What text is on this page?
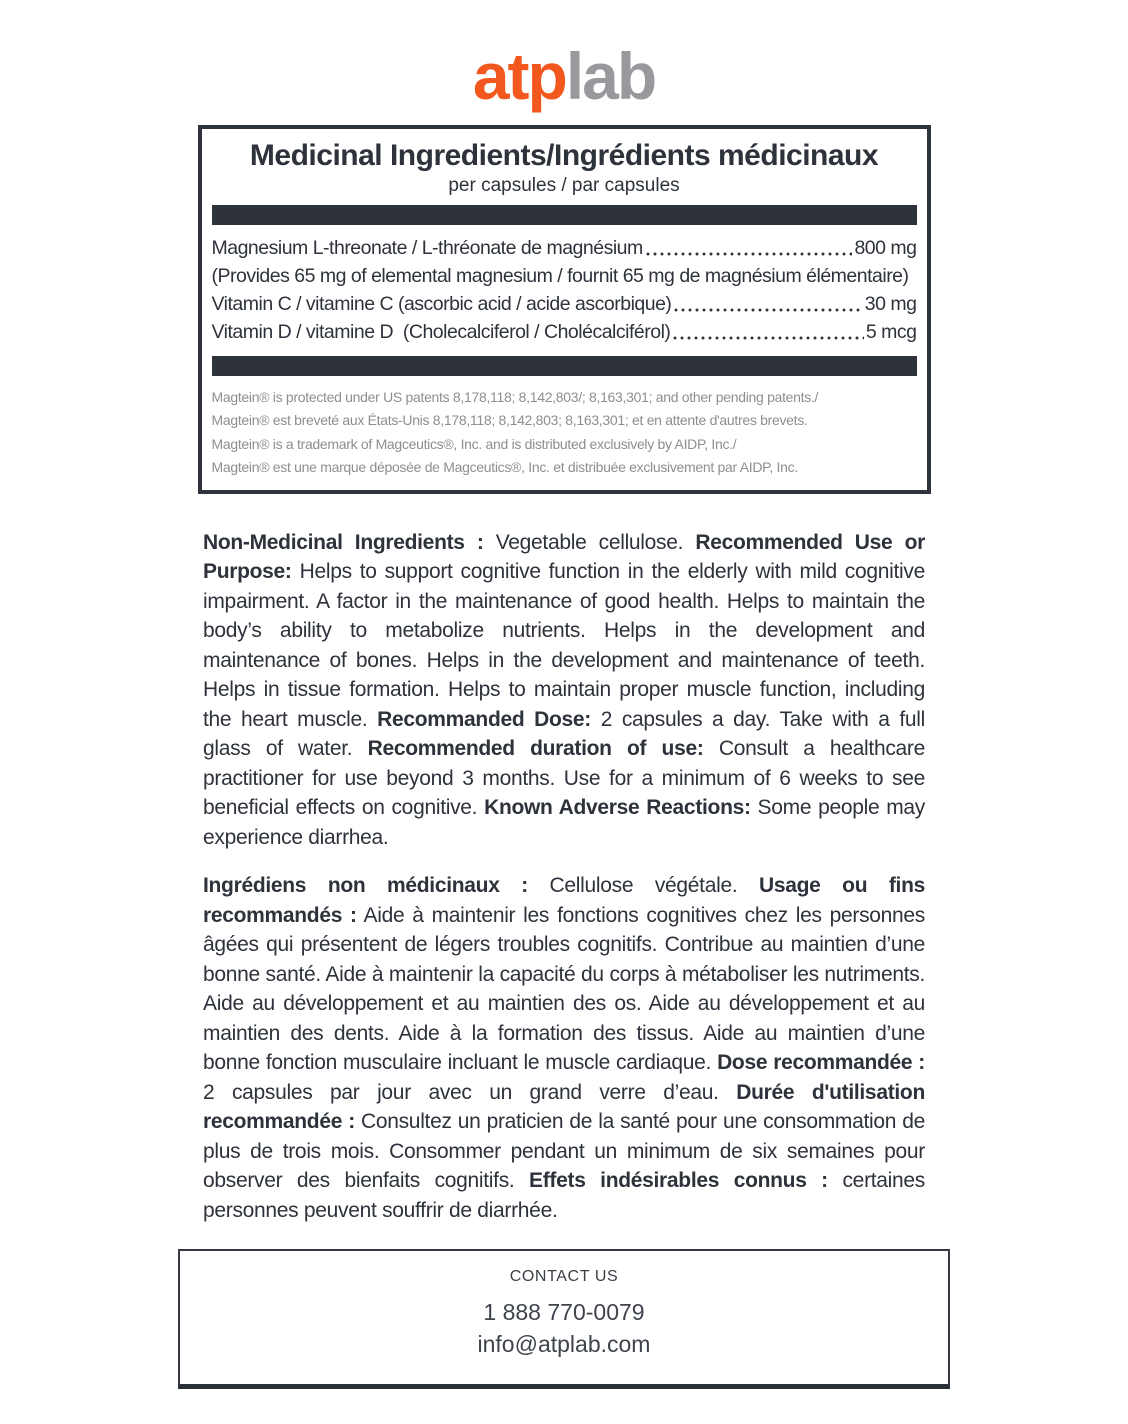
atplab
Medicinal Ingredients/Ingrédients médicinaux
per capsules / par capsules
Magnesium L-threonate / L-thréonate de magnésium	800 mg
(Provides 65 mg of elemental magnesium / fournit 65 mg de magnésium élémentaire)
Vitamin C / vitamine C (ascorbic acid / acide ascorbique)	30 mg
Vitamin D / vitamine D  (Cholecalciferol / Cholécalciférol)	5 mcg
Magtein® is protected under US patents 8,178,118; 8,142,803/; 8,163,301; and other pending patents./
Magtein® est breveté aux États-Unis 8,178,118; 8,142,803; 8,163,301; et en attente d'autres brevets.
Magtein® is a trademark of Magceutics®, Inc. and is distributed exclusively by AIDP, Inc./
Magtein® est une marque déposée de Magceutics®, Inc. et distribuée exclusivement par AIDP, Inc.

Non-Medicinal Ingredients : Vegetable cellulose. Recommended Use or Purpose: Helps to support cognitive function in the elderly with mild cognitive impairment. A factor in the maintenance of good health. Helps to maintain the body’s ability to metabolize nutrients. Helps in the development and maintenance of bones. Helps in the development and maintenance of teeth. Helps in tissue formation. Helps to maintain proper muscle function, including the heart muscle. Recommanded Dose: 2 capsules a day. Take with a full glass of water. Recommended duration of use: Consult a healthcare practitioner for use beyond 3 months. Use for a minimum of 6 weeks to see beneficial effects on cognitive. Known Adverse Reactions: Some people may experience diarrhea.

Ingrédiens non médicinaux : Cellulose végétale. Usage ou fins recommandés : Aide à maintenir les fonctions cognitives chez les personnes âgées qui présentent de légers troubles cognitifs. Contribue au maintien d’une bonne santé. Aide à maintenir la capacité du corps à métaboliser les nutriments. Aide au développement et au maintien des os. Aide au développement et au maintien des dents. Aide à la formation des tissus. Aide au maintien d’une bonne fonction musculaire incluant le muscle cardiaque. Dose recommandée : 2 capsules par jour avec un grand verre d’eau. Durée d'utilisation recommandée : Consultez un praticien de la santé pour une consommation de plus de trois mois. Consommer pendant un minimum de six semaines pour observer des bienfaits cognitifs. Effets indésirables connus : certaines personnes peuvent souffrir de diarrhée.

CONTACT US
1 888 770-0079
info@atplab.com
